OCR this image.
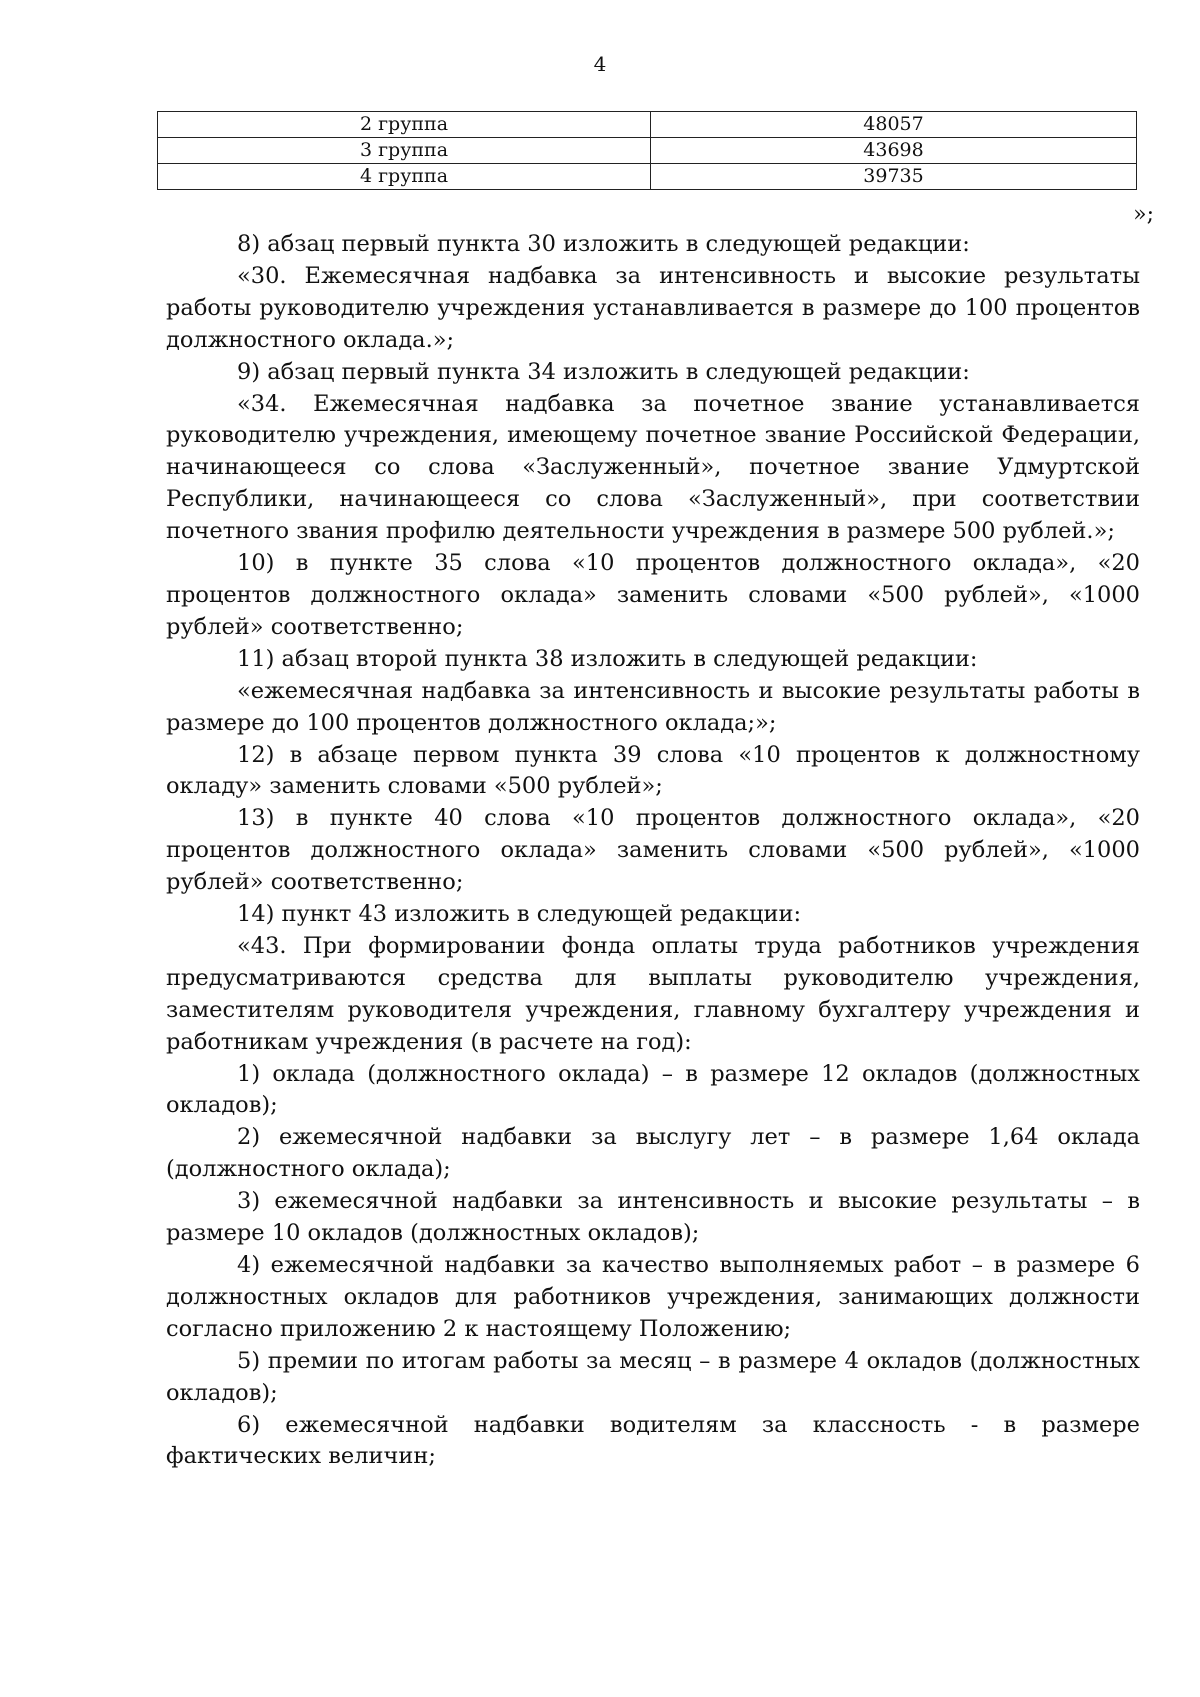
4
2 группа	48057
3 группа	43698
4 группа	39735
»;

8) абзац первый пункта 30 изложить в следующей редакции:

«30. Ежемесячная надбавка за интенсивность и высокие результаты работы руководителю учреждения устанавливается в размере до 100 процентов должностного оклада.»;

9) абзац первый пункта 34 изложить в следующей редакции:

«34. Ежемесячная надбавка за почетное звание устанавливается руководителю учреждения, имеющему почетное звание Российской Федерации, начинающееся со слова «Заслуженный», почетное звание Удмуртской Республики, начинающееся со слова «Заслуженный», при соответствии почетного звания профилю деятельности учреждения в размере 500 рублей.»;

10) в пункте 35 слова «10 процентов должностного оклада», «20 процентов должностного оклада» заменить словами «500 рублей», «1000 рублей» соответственно;

11) абзац второй пункта 38 изложить в следующей редакции:

«ежемесячная надбавка за интенсивность и высокие результаты работы в размере до 100 процентов должностного оклада;»;

12) в абзаце первом пункта 39 слова «10 процентов к должностному окладу» заменить словами «500 рублей»;

13) в пункте 40 слова «10 процентов должностного оклада», «20 процентов должностного оклада» заменить словами «500 рублей», «1000 рублей» соответственно;

14) пункт 43 изложить в следующей редакции:

«43. При формировании фонда оплаты труда работников учреждения предусматриваются средства для выплаты руководителю учреждения, заместителям руководителя учреждения, главному бухгалтеру учреждения и работникам учреждения (в расчете на год):

1) оклада (должностного оклада) – в размере 12 окладов (должностных окладов);

2) ежемесячной надбавки за выслугу лет – в размере 1,64 оклада (должностного оклада);

3) ежемесячной надбавки за интенсивность и высокие результаты – в размере 10 окладов (должностных окладов);

4) ежемесячной надбавки за качество выполняемых работ – в размере 6 должностных окладов для работников учреждения, занимающих должности согласно приложению 2 к настоящему Положению;

5) премии по итогам работы за месяц – в размере 4 окладов (должностных окладов);

6) ежемесячной надбавки водителям за классность - в размере фактических величин;
